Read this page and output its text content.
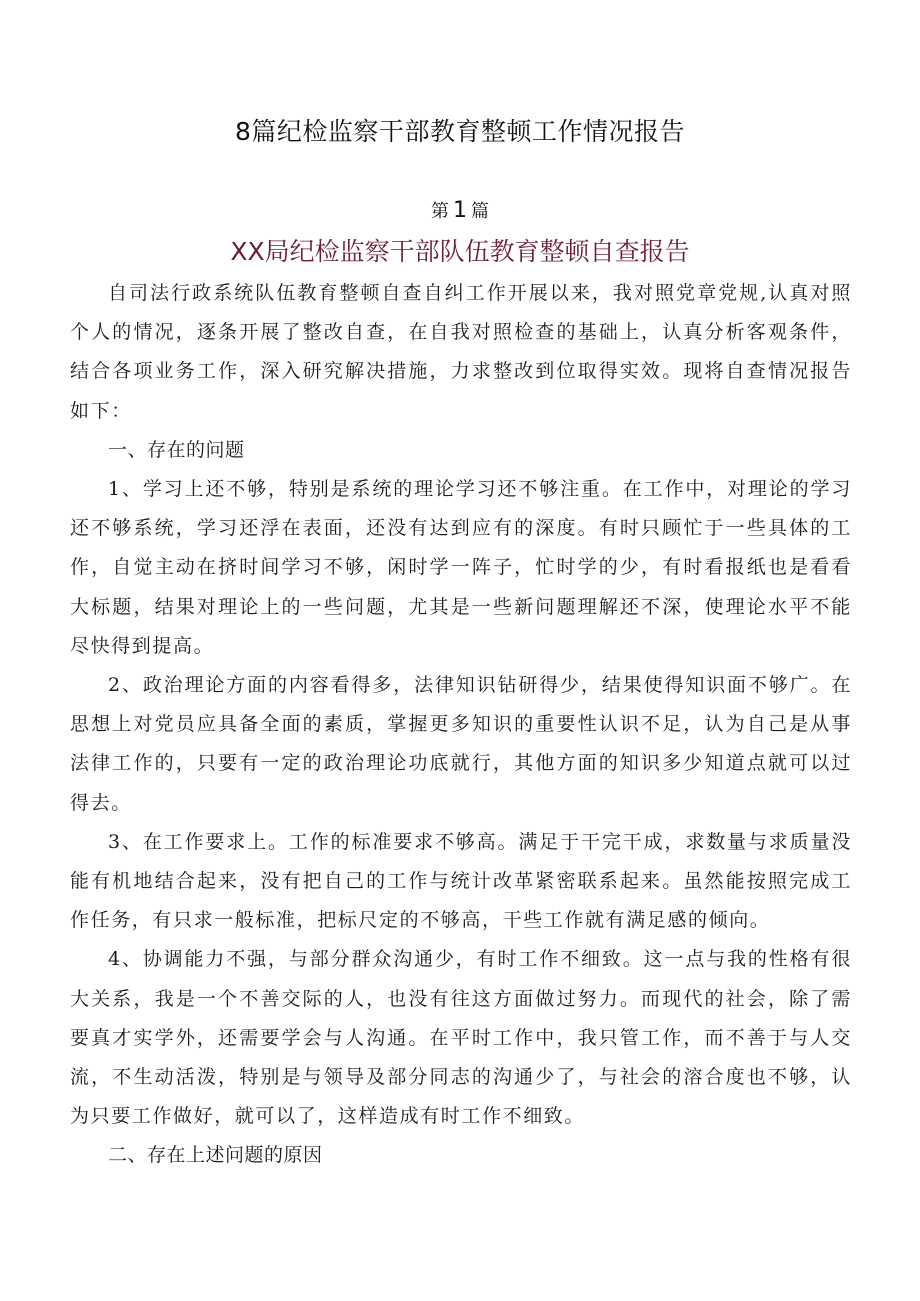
8篇纪检监察干部教育整顿工作情况报告
第 1 篇
XX局纪检监察干部队伍教育整顿自查报告

自司法行政系统队伍教育整顿自查自纠工作开展以来，我对照党章党规,认真对照个人的情况，逐条开展了整改自查，在自我对照检查的基础上，认真分析客观条件，结合各项业务工作，深入研究解决措施，力求整改到位取得实效。现将自查情况报告如下：

一、存在的问题

1、学习上还不够，特别是系统的理论学习还不够注重。在工作中，对理论的学习还不够系统，学习还浮在表面，还没有达到应有的深度。有时只顾忙于一些具体的工作，自觉主动在挤时间学习不够，闲时学一阵子，忙时学的少，有时看报纸也是看看大标题，结果对理论上的一些问题，尤其是一些新问题理解还不深，使理论水平不能尽快得到提高。

2、政治理论方面的内容看得多，法律知识钻研得少，结果使得知识面不够广。在思想上对党员应具备全面的素质，掌握更多知识的重要性认识不足，认为自己是从事法律工作的，只要有一定的政治理论功底就行，其他方面的知识多少知道点就可以过得去。

3、在工作要求上。工作的标准要求不够高。满足于干完干成，求数量与求质量没能有机地结合起来，没有把自己的工作与统计改革紧密联系起来。虽然能按照完成工作任务，有只求一般标准，把标尺定的不够高，干些工作就有满足感的倾向。

4、协调能力不强，与部分群众沟通少，有时工作不细致。这一点与我的性格有很大关系，我是一个不善交际的人，也没有往这方面做过努力。而现代的社会，除了需要真才实学外，还需要学会与人沟通。在平时工作中，我只管工作，而不善于与人交流，不生动活泼，特别是与领导及部分同志的沟通少了，与社会的溶合度也不够，认为只要工作做好，就可以了，这样造成有时工作不细致。

二、存在上述问题的原因
